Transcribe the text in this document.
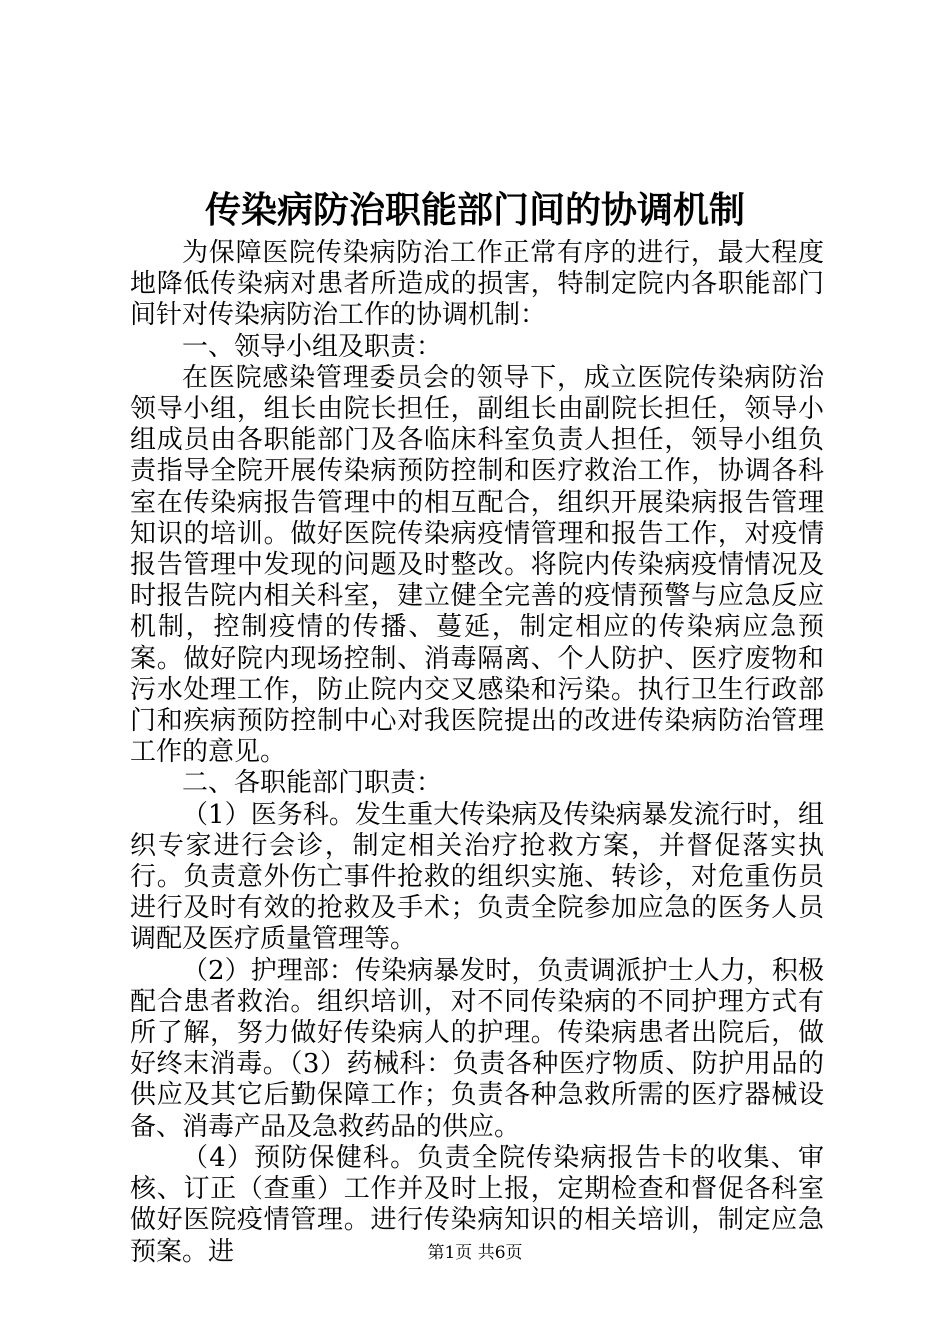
传染病防治职能部门间的协调机制

为保障医院传染病防治工作正常有序的进行，最大程度地降低传染病对患者所造成的损害，特制定院内各职能部门间针对传染病防治工作的协调机制：

一、领导小组及职责：

在医院感染管理委员会的领导下，成立医院传染病防治领导小组，组长由院长担任，副组长由副院长担任，领导小组成员由各职能部门及各临床科室负责人担任，领导小组负责指导全院开展传染病预防控制和医疗救治工作，协调各科室在传染病报告管理中的相互配合，组织开展染病报告管理知识的培训。做好医院传染病疫情管理和报告工作，对疫情报告管理中发现的问题及时整改。将院内传染病疫情情况及时报告院内相关科室，建立健全完善的疫情预警与应急反应机制，控制疫情的传播、蔓延，制定相应的传染病应急预案。做好院内现场控制、消毒隔离、个人防护、医疗废物和污水处理工作，防止院内交叉感染和污染。执行卫生行政部门和疾病预防控制中心对我医院提出的改进传染病防治管理工作的意见。

二、各职能部门职责：

（1）医务科。发生重大传染病及传染病暴发流行时，组织专家进行会诊，制定相关治疗抢救方案，并督促落实执行。负责意外伤亡事件抢救的组织实施、转诊，对危重伤员进行及时有效的抢救及手术；负责全院参加应急的医务人员调配及医疗质量管理等。

（2）护理部：传染病暴发时，负责调派护士人力，积极配合患者救治。组织培训，对不同传染病的不同护理方式有所了解，努力做好传染病人的护理。传染病患者出院后，做好终末消毒。（3）药械科：负责各种医疗物质、防护用品的供应及其它后勤保障工作；负责各种急救所需的医疗器械设备、消毒产品及急救药品的供应。

（4）预防保健科。负责全院传染病报告卡的收集、审核、订正（查重）工作并及时上报，定期检查和督促各科室做好医院疫情管理。进行传染病知识的相关培训，制定应急预案。进	第1页 共6页
